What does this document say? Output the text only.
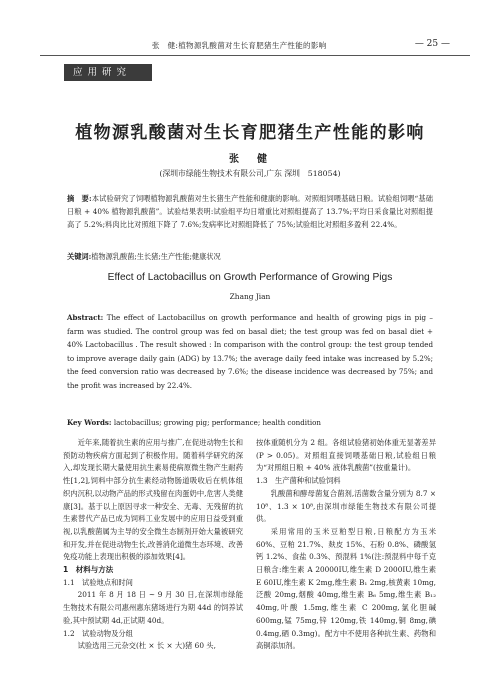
张　健:植物源乳酸菌对生长育肥猪生产性能的影响	— 25 —
应用研究
植物源乳酸菌对生长育肥猪生产性能的影响
张　健
(深圳市绿能生物技术有限公司,广东 深圳　518054)
摘　要:本试验研究了饲喂植物源乳酸菌对生长猪生产性能和健康的影响。对照组饲喂基础日粮。试验组饲喂“基础日粮 + 40% 植物源乳酸菌”。试验结果表明:试验组平均日增重比对照组提高了 13.7%;平均日采食量比对照组提高了 5.2%;料肉比比对照组下降了 7.6%;发病率比对照组降低了 75%;试验组比对照组多盈利 22.4%。
关键词:植物源乳酸菌;生长猪;生产性能;健康状况
Effect of Lactobacillus on Growth Performance of Growing Pigs
Zhang Jian
Abstract: The effect of Lactobacillus on growth performance and health of growing pigs in pig – farm was studied. The control group was fed on basal diet; the test group was fed on basal diet + 40% Lactobacillus . The result showed : In comparison with the control group: the test group tended to improve average daily gain (ADG) by 13.7%; the average daily feed intake was increased by 5.2%; the feed conversion ratio was decreased by 7.6%; the disease incidence was decreased by 75%; and the profit was increased by 22.4%.
Key Words: lactobacillus; growing pig; performance; health condition

近年来,随着抗生素的应用与推广,在促进动物生长和预防动物疾病方面起到了积极作用。随着科学研究的深入,却发现长期大量使用抗生素易使病原微生物产生耐药性[1,2],饲料中部分抗生素经动物肠道吸收后在机体组织内沉积,以动物产品的形式残留在肉蛋奶中,危害人类健康[3]。基于以上原因寻求一种安全、无毒、无残留的抗生素替代产品已成为饲料工业发展中的应用日益受到重视,以乳酸菌属为主导的安全微生态制剂开始大量被研究和开发,并在促进动物生长,改善消化道微生态环境、改善免疫功能上表现出积极的添加效果[4]。

1　材料与方法
1.1　试验地点和时间

2011 年 8 月 18 日 ~ 9 月 30 日,在深圳市绿能生物技术有限公司惠州惠东猪场进行为期 44d 的饲养试验,其中预试期 4d,正试期 40d。

1.2　试验动物及分组

试验选用三元杂交(杜 × 长 × 大)猪 60 头,

按体重随机分为 2 组。各组试验猪初始体重无显著差异(P > 0.05)。对照组直接饲喂基础日粮,试验组日粮为“对照组日粮 + 40% 液体乳酸菌”(按重量计)。

1.3　生产菌种和试验饲料

乳酸菌和酵母菌复合菌剂,活菌数含量分别为 8.7 × 10⁸、1.3 × 10⁸,由深圳市绿能生物技术有限公司提供。

采用常用的玉米豆粕型日粮,日粮配方为玉米 60%、豆粕 21.7%、麸皮 15%、石粉 0.8%、磷酸氢钙 1.2%、食盐 0.3%、预混料 1%(注:预混料中每千克日粮含:维生素 A 20000IU,维生素 D 2000IU,维生素 E 60IU,维生素 K 2mg,维生素 B₁ 2mg,核黄素 10mg,泛酸 20mg,烟酸 40mg,维生素 B₆ 5mg,维生素 B₁₂ 40mg,叶酸 1.5mg,维生素 C 200mg,氯化胆碱 600mg,锰 75mg,锌 120mg,铁 140mg,铜 8mg,碘 0.4mg,硒 0.3mg)。配方中不使用各种抗生素、药物和高铜添加剂。
